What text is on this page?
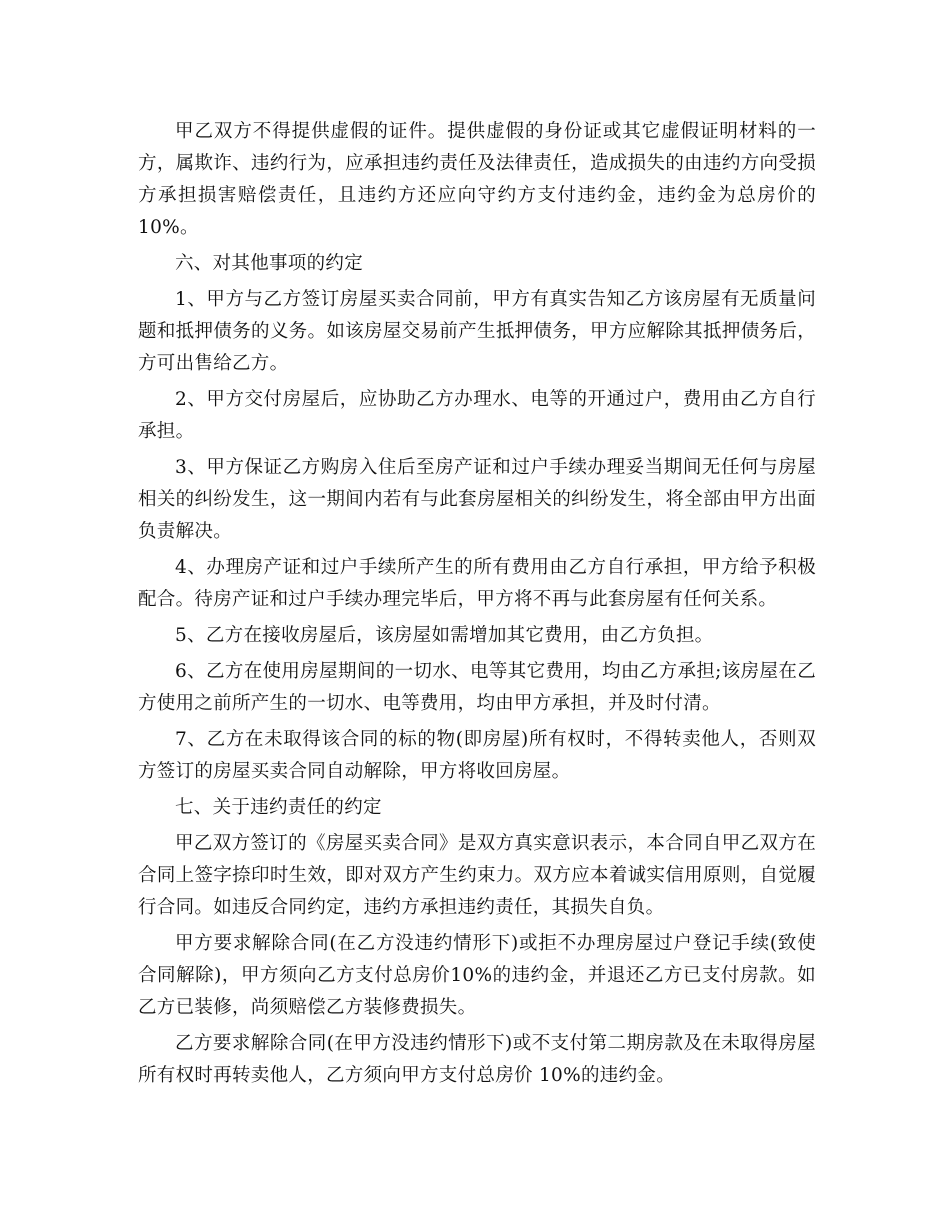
甲乙双方不得提供虚假的证件。提供虚假的身份证或其它虚假证明材料的一方，属欺诈、违约行为，应承担违约责任及法律责任，造成损失的由违约方向受损方承担损害赔偿责任，且违约方还应向守约方支付违约金，违约金为总房价的10%。

六、对其他事项的约定

1、甲方与乙方签订房屋买卖合同前，甲方有真实告知乙方该房屋有无质量问题和抵押债务的义务。如该房屋交易前产生抵押债务，甲方应解除其抵押债务后，方可出售给乙方。

2、甲方交付房屋后，应协助乙方办理水、电等的开通过户，费用由乙方自行承担。

3、甲方保证乙方购房入住后至房产证和过户手续办理妥当期间无任何与房屋相关的纠纷发生，这一期间内若有与此套房屋相关的纠纷发生，将全部由甲方出面负责解决。

4、办理房产证和过户手续所产生的所有费用由乙方自行承担，甲方给予积极配合。待房产证和过户手续办理完毕后，甲方将不再与此套房屋有任何关系。

5、乙方在接收房屋后，该房屋如需增加其它费用，由乙方负担。

6、乙方在使用房屋期间的一切水、电等其它费用，均由乙方承担;该房屋在乙方使用之前所产生的一切水、电等费用，均由甲方承担，并及时付清。

7、乙方在未取得该合同的标的物(即房屋)所有权时，不得转卖他人，否则双方签订的房屋买卖合同自动解除，甲方将收回房屋。

七、关于违约责任的约定

甲乙双方签订的《房屋买卖合同》是双方真实意识表示，本合同自甲乙双方在合同上签字捺印时生效，即对双方产生约束力。双方应本着诚实信用原则，自觉履行合同。如违反合同约定，违约方承担违约责任，其损失自负。

甲方要求解除合同(在乙方没违约情形下)或拒不办理房屋过户登记手续(致使合同解除)，甲方须向乙方支付总房价10%的违约金，并退还乙方已支付房款。如乙方已装修，尚须赔偿乙方装修费损失。

乙方要求解除合同(在甲方没违约情形下)或不支付第二期房款及在未取得房屋所有权时再转卖他人，乙方须向甲方支付总房价 10%的违约金。
